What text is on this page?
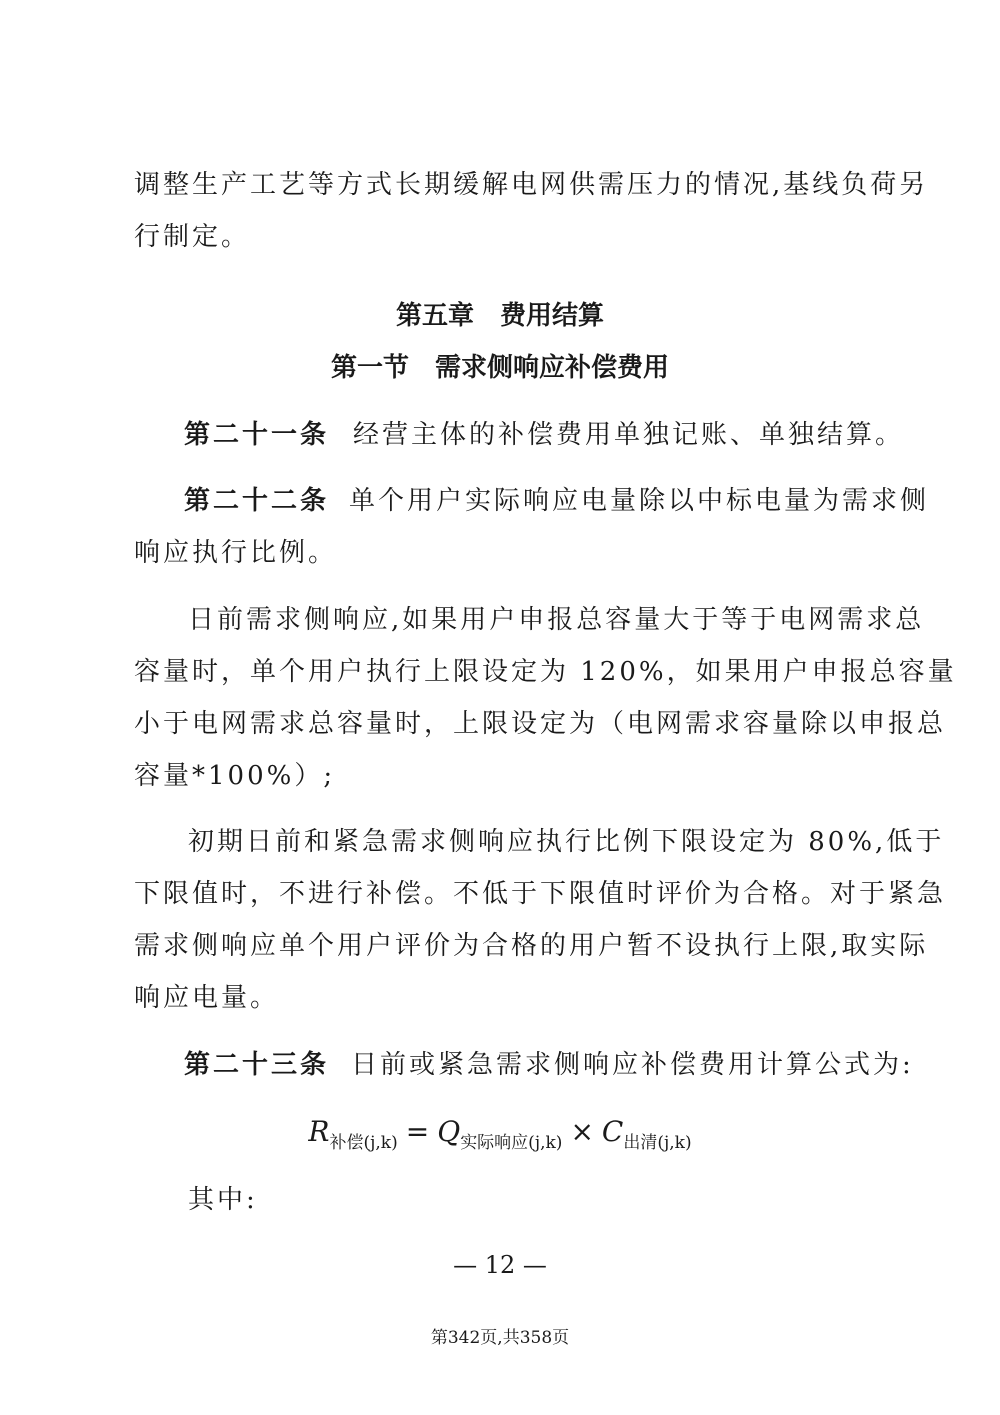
调整生产工艺等方式长期缓解电网供需压力的情况,基线负荷另
行制定。
第五章　费用结算
第一节　需求侧响应补偿费用
第二十一条 经营主体的补偿费用单独记账、单独结算。
第二十二条 单个用户实际响应电量除以中标电量为需求侧
响应执行比例。
日前需求侧响应,如果用户申报总容量大于等于电网需求总
容量时，单个用户执行上限设定为 120%，如果用户申报总容量
小于电网需求总容量时，上限设定为（电网需求容量除以申报总
容量*100%）;
初期日前和紧急需求侧响应执行比例下限设定为 80%,低于
下限值时，不进行补偿。不低于下限值时评价为合格。对于紧急
需求侧响应单个用户评价为合格的用户暂不设执行上限,取实际
响应电量。
第二十三条 日前或紧急需求侧响应补偿费用计算公式为:
$R_{补偿(j,k)} = Q_{实际响应(j,k)} \times C_{出清(j,k)}$
其中:
— 12 —
第342页,共358页
